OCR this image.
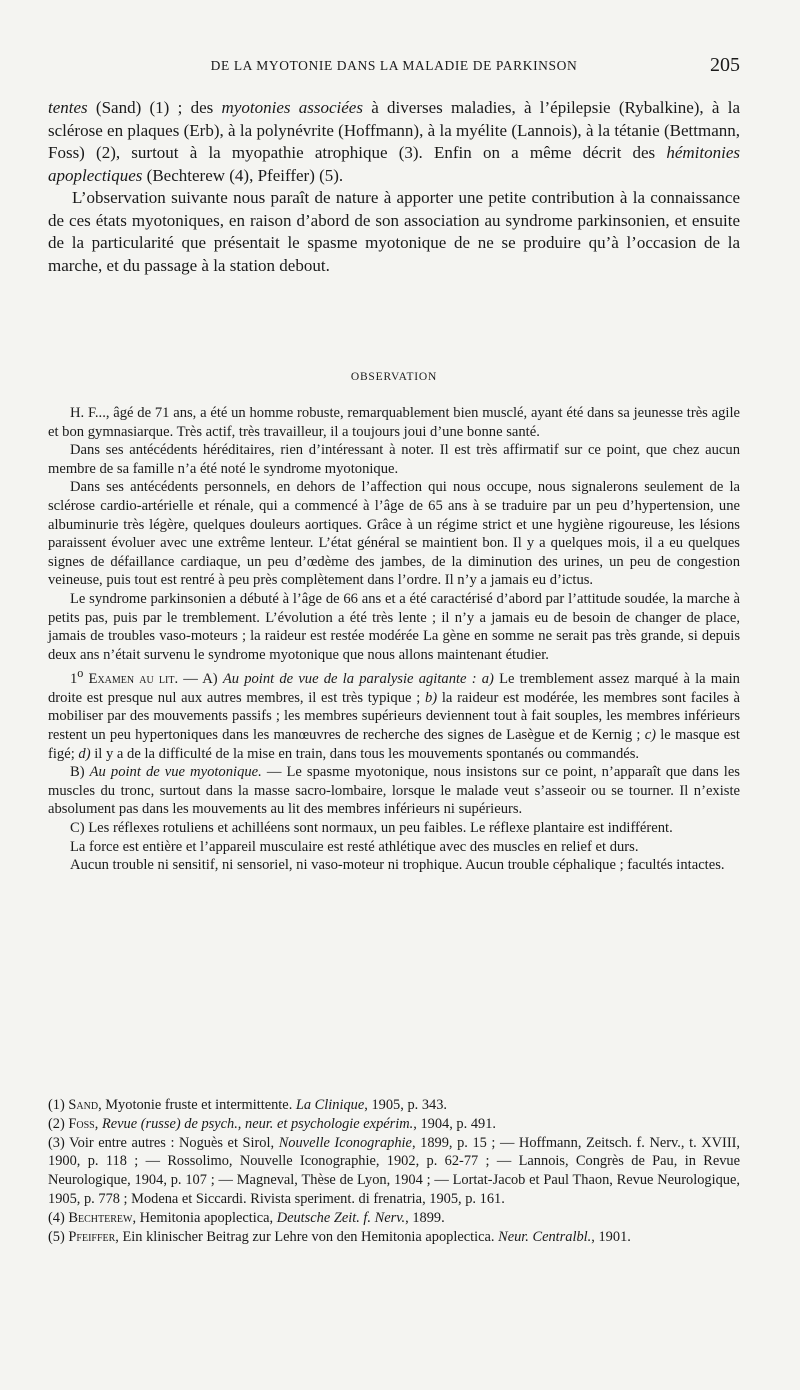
DE LA MYOTONIE DANS LA MALADIE DE PARKINSON	205

tentes (Sand) (1) ; des myotonies associées à diverses maladies, à l’épilepsie (Rybalkine), à la sclérose en plaques (Erb), à la polynévrite (Hoffmann), à la myélite (Lannois), à la tétanie (Bettmann, Foss) (2), surtout à la myopathie atrophique (3). Enfin on a même décrit des hémitonies apoplectiques (Bechterew (4), Pfeiffer) (5).

L’observation suivante nous paraît de nature à apporter une petite contribution à la connaissance de ces états myotoniques, en raison d’abord de son association au syndrome parkinsonien, et ensuite de la particularité que présentait le spasme myotonique de ne se produire qu’à l’occasion de la marche, et du passage à la station debout.

OBSERVATION

H. F..., âgé de 71 ans, a été un homme robuste, remarquablement bien musclé, ayant été dans sa jeunesse très agile et bon gymnasiarque. Très actif, très travailleur, il a toujours joui d’une bonne santé.

Dans ses antécédents héréditaires, rien d’intéressant à noter. Il est très affirmatif sur ce point, que chez aucun membre de sa famille n’a été noté le syndrome myotonique.

Dans ses antécédents personnels, en dehors de l’affection qui nous occupe, nous signalerons seulement de la sclérose cardio-artérielle et rénale, qui a commencé à l’âge de 65 ans à se traduire par un peu d’hypertension, une albuminurie très légère, quelques douleurs aortiques. Grâce à un régime strict et une hygiène rigoureuse, les lésions paraissent évoluer avec une extrême lenteur. L’état général se maintient bon. Il y a quelques mois, il a eu quelques signes de défaillance cardiaque, un peu d’œdème des jambes, de la diminution des urines, un peu de congestion veineuse, puis tout est rentré à peu près complètement dans l’ordre. Il n’y a jamais eu d’ictus.

Le syndrome parkinsonien a débuté à l’âge de 66 ans et a été caractérisé d’abord par l’attitude soudée, la marche à petits pas, puis par le tremblement. L’évolution a été très lente ; il n’y a jamais eu de besoin de changer de place, jamais de troubles vaso-moteurs ; la raideur est restée modérée La gène en somme ne serait pas très grande, si depuis deux ans n’était survenu le syndrome myotonique que nous allons maintenant étudier.

1$^o$ Examen au lit. — A) Au point de vue de la paralysie agitante : a) Le tremblement assez marqué à la main droite est presque nul aux autres membres, il est très typique ; b) la raideur est modérée, les membres sont faciles à mobiliser par des mouvements passifs ; les membres supérieurs deviennent tout à fait souples, les membres inférieurs restent un peu hypertoniques dans les manœuvres de recherche des signes de Lasègue et de Kernig ; c) le masque est figé; d) il y a de la difficulté de la mise en train, dans tous les mouvements spontanés ou commandés.

B) Au point de vue myotonique. — Le spasme myotonique, nous insistons sur ce point, n’apparaît que dans les muscles du tronc, surtout dans la masse sacro-lombaire, lorsque le malade veut s’asseoir ou se tourner. Il n’existe absolument pas dans les mouvements au lit des membres inférieurs ni supérieurs.

C) Les réflexes rotuliens et achilléens sont normaux, un peu faibles. Le réflexe plantaire est indifférent.

La force est entière et l’appareil musculaire est resté athlétique avec des muscles en relief et durs.

Aucun trouble ni sensitif, ni sensoriel, ni vaso-moteur ni trophique. Aucun trouble céphalique ; facultés intactes.

(1) Sand, Myotonie fruste et intermittente. La Clinique, 1905, p. 343.

(2) Foss, Revue (russe) de psych., neur. et psychologie expérim., 1904, p. 491.

(3) Voir entre autres : Noguès et Sirol, Nouvelle Iconographie, 1899, p. 15 ; — Hoffmann, Zeitsch. f. Nerv., t. XVIII, 1900, p. 118 ; — Rossolimo, Nouvelle Iconographie, 1902, p. 62-77 ; — Lannois, Congrès de Pau, in Revue Neurologique, 1904, p. 107 ; — Magneval, Thèse de Lyon, 1904 ; — Lortat-Jacob et Paul Thaon, Revue Neurologique, 1905, p. 778 ; Modena et Siccardi. Rivista speriment. di frenatria, 1905, p. 161.

(4) Bechterew, Hemitonia apoplectica, Deutsche Zeit. f. Nerv., 1899.

(5) Pfeiffer, Ein klinischer Beitrag zur Lehre von den Hemitonia apoplectica. Neur. Centralbl., 1901.
